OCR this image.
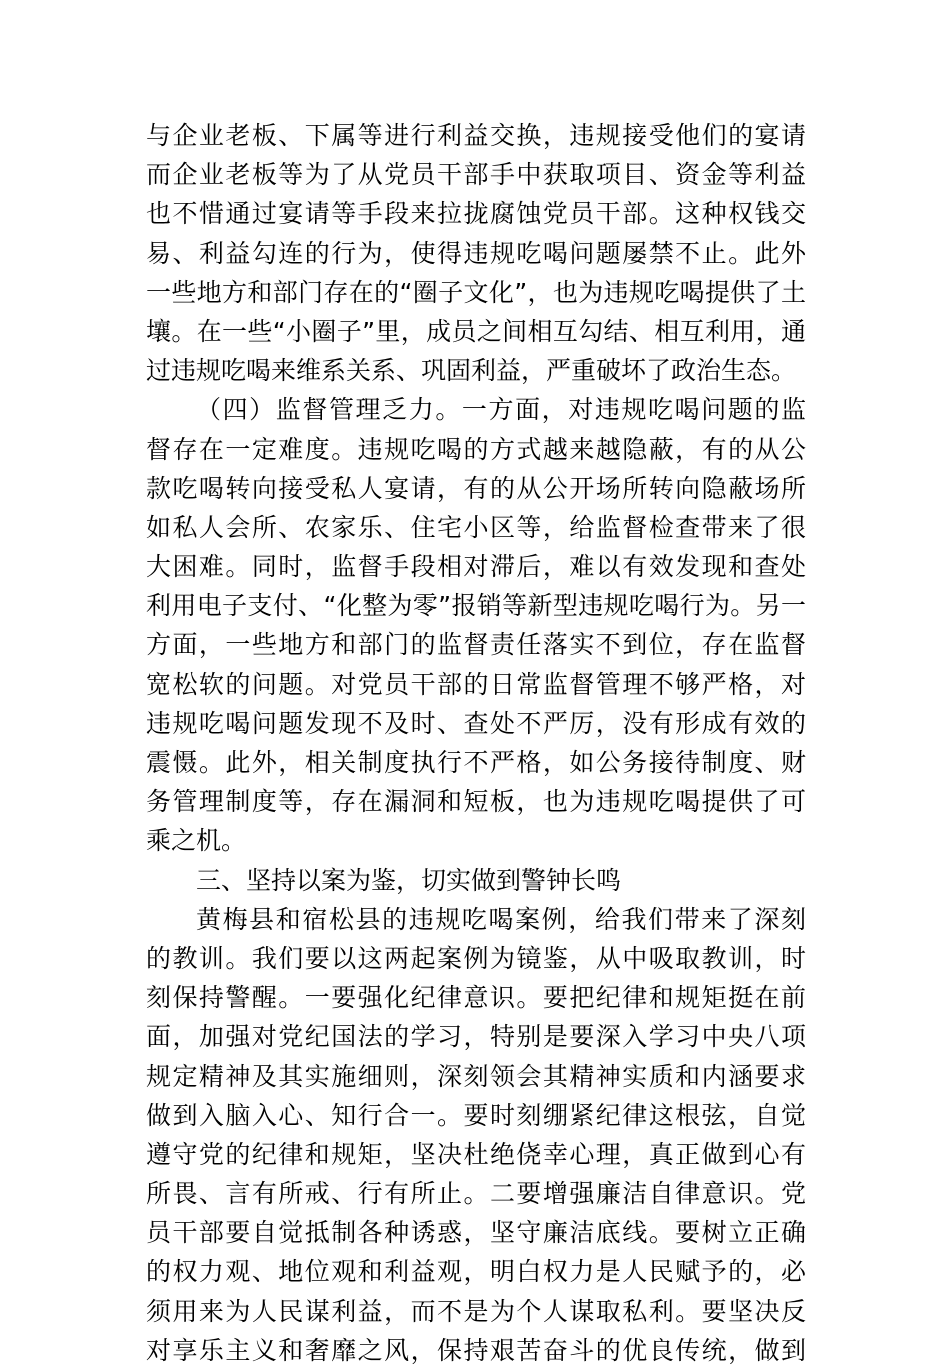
与企业老板、下属等进行利益交换，违规接受他们的宴请
而企业老板等为了从党员干部手中获取项目、资金等利益
也不惜通过宴请等手段来拉拢腐蚀党员干部。这种权钱交
易、利益勾连的行为，使得违规吃喝问题屡禁不止。此外
一些地方和部门存在的“圈子文化”，也为违规吃喝提供了土
壤。在一些“小圈子”里，成员之间相互勾结、相互利用，通
过违规吃喝来维系关系、巩固利益，严重破坏了政治生态。
（四）监督管理乏力。一方面，对违规吃喝问题的监
督存在一定难度。违规吃喝的方式越来越隐蔽，有的从公
款吃喝转向接受私人宴请，有的从公开场所转向隐蔽场所
如私人会所、农家乐、住宅小区等，给监督检查带来了很
大困难。同时，监督手段相对滞后，难以有效发现和查处
利用电子支付、“化整为零”报销等新型违规吃喝行为。另一
方面，一些地方和部门的监督责任落实不到位，存在监督
宽松软的问题。对党员干部的日常监督管理不够严格，对
违规吃喝问题发现不及时、查处不严厉，没有形成有效的
震慑。此外，相关制度执行不严格，如公务接待制度、财
务管理制度等，存在漏洞和短板，也为违规吃喝提供了可
乘之机。
三、坚持以案为鉴，切实做到警钟长鸣
黄梅县和宿松县的违规吃喝案例，给我们带来了深刻
的教训。我们要以这两起案例为镜鉴，从中吸取教训，时
刻保持警醒。一要强化纪律意识。要把纪律和规矩挺在前
面，加强对党纪国法的学习，特别是要深入学习中央八项
规定精神及其实施细则，深刻领会其精神实质和内涵要求
做到入脑入心、知行合一。要时刻绷紧纪律这根弦，自觉
遵守党的纪律和规矩，坚决杜绝侥幸心理，真正做到心有
所畏、言有所戒、行有所止。二要增强廉洁自律意识。党
员干部要自觉抵制各种诱惑，坚守廉洁底线。要树立正确
的权力观、地位观和利益观，明白权力是人民赋予的，必
须用来为人民谋利益，而不是为个人谋取私利。要坚决反
对享乐主义和奢靡之风，保持艰苦奋斗的优良传统，做到
